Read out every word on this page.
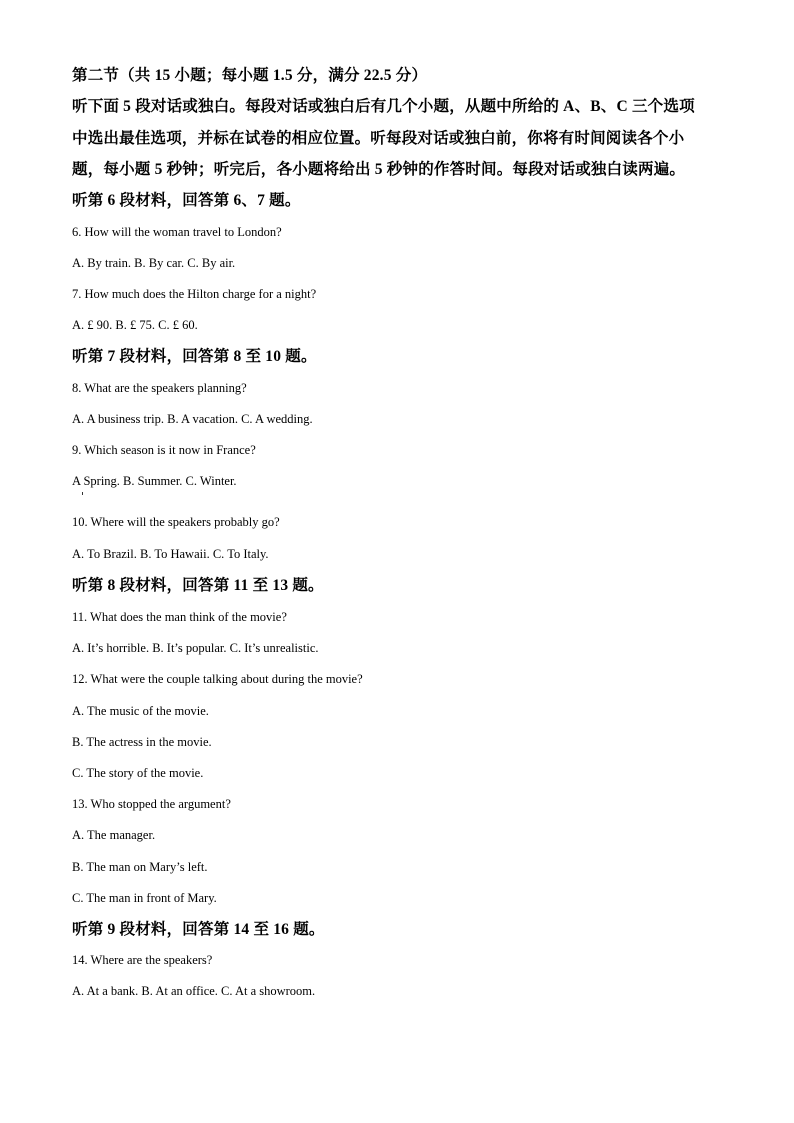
第二节（共 15 小题；每小题 1.5 分，满分 22.5 分）
听下面 5 段对话或独白。每段对话或独白后有几个小题，从题中所给的 A、B、C 三个选项
中选出最佳选项，并标在试卷的相应位置。听每段对话或独白前，你将有时间阅读各个小
题，每小题 5 秒钟；听完后，各小题将给出 5 秒钟的作答时间。每段对话或独白读两遍。
听第 6 段材料，回答第 6、7 题。
6. How will the woman travel to London?
A. By train. B. By car. C. By air.
7. How much does the Hilton charge for a night?
A. £ 90. B. £ 75. C. £ 60.
听第 7 段材料，回答第 8 至 10 题。
8. What are the speakers planning?
A. A business trip. B. A vacation. C. A wedding.
9. Which season is it now in France?
A Spring. B. Summer. C. Winter.
10. Where will the speakers probably go?
A. To Brazil. B. To Hawaii. C. To Italy.
听第 8 段材料，回答第 11 至 13 题。
11. What does the man think of the movie?
A. It’s horrible. B. It’s popular. C. It’s unrealistic.
12. What were the couple talking about during the movie?
A. The music of the movie.
B. The actress in the movie.
C. The story of the movie.
13. Who stopped the argument?
A. The manager.
B. The man on Mary’s left.
C. The man in front of Mary.
听第 9 段材料，回答第 14 至 16 题。
14. Where are the speakers?
A. At a bank. B. At an office. C. At a showroom.
